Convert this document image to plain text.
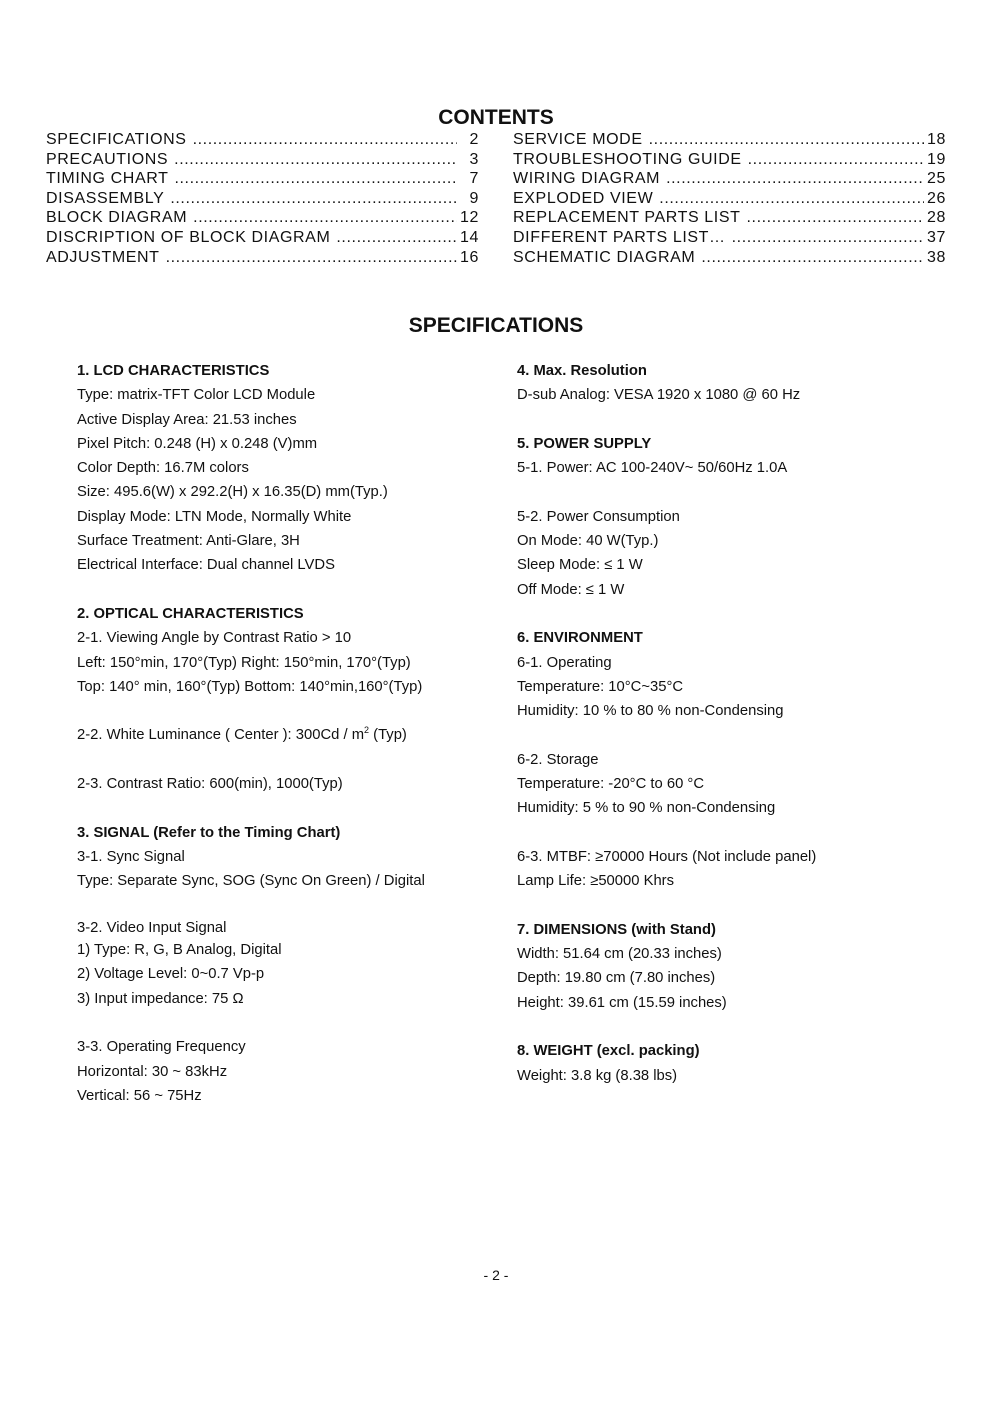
CONTENTS
SPECIFICATIONS .....	2
PRECAUTIONS .....	3
TIMING CHART .....	7
DISASSEMBLY .....	9
BLOCK DIAGRAM .....	12
DISCRIPTION OF BLOCK DIAGRAM .....	14
ADJUSTMENT .....	16
SERVICE MODE .....	18
TROUBLESHOOTING GUIDE .....	19
WIRING DIAGRAM .....	25
EXPLODED VIEW .....	26
REPLACEMENT PARTS LIST .....	28
DIFFERENT PARTS LIST… .....	37
SCHEMATIC DIAGRAM .....	38
SPECIFICATIONS
1. LCD CHARACTERISTICS
Type: matrix-TFT Color LCD Module
Active Display Area: 21.53 inches
Pixel Pitch: 0.248 (H) x 0.248 (V)mm
Color Depth: 16.7M colors
Size: 495.6(W) x 292.2(H) x 16.35(D) mm(Typ.)
Display Mode: LTN Mode, Normally White
Surface Treatment: Anti-Glare, 3H
Electrical Interface: Dual channel LVDS
2. OPTICAL CHARACTERISTICS
2-1. Viewing Angle by Contrast Ratio > 10
Left: 150°min, 170°(Typ) Right: 150°min, 170°(Typ)
Top: 140° min, 160°(Typ) Bottom: 140°min,160°(Typ)
2-2. White Luminance ( Center ): $300Cd / m^2$ (Typ)
2-3. Contrast Ratio: 600(min), 1000(Typ)
3. SIGNAL (Refer to the Timing Chart)
3-1. Sync Signal
Type: Separate Sync, SOG (Sync On Green) / Digital
3-2. Video Input Signal
1) Type: R, G, B Analog, Digital
2) Voltage Level: 0~0.7 Vp-p
3) Input impedance: 75 Ω
3-3. Operating Frequency
Horizontal: 30 ~ 83kHz
Vertical: 56 ~ 75Hz
4. Max. Resolution
D-sub Analog: VESA 1920 x 1080 @ 60 Hz
5. POWER SUPPLY
5-1. Power: AC 100-240V~ 50/60Hz 1.0A
5-2. Power Consumption
On Mode: 40 W(Typ.)
Sleep Mode: ≤ 1 W
Off Mode: ≤ 1 W
6. ENVIRONMENT
6-1. Operating
Temperature: 10°C~35°C
Humidity: 10 % to 80 % non-Condensing
6-2. Storage
Temperature: -20°C to 60 °C
Humidity: 5 % to 90 % non-Condensing
6-3. MTBF: ≥70000 Hours (Not include panel)
Lamp Life: ≥50000 Khrs
7. DIMENSIONS (with Stand)
Width: 51.64 cm (20.33 inches)
Depth: 19.80 cm (7.80 inches)
Height: 39.61 cm (15.59 inches)
8. WEIGHT (excl. packing)
Weight: 3.8 kg (8.38 lbs)
- 2 -
